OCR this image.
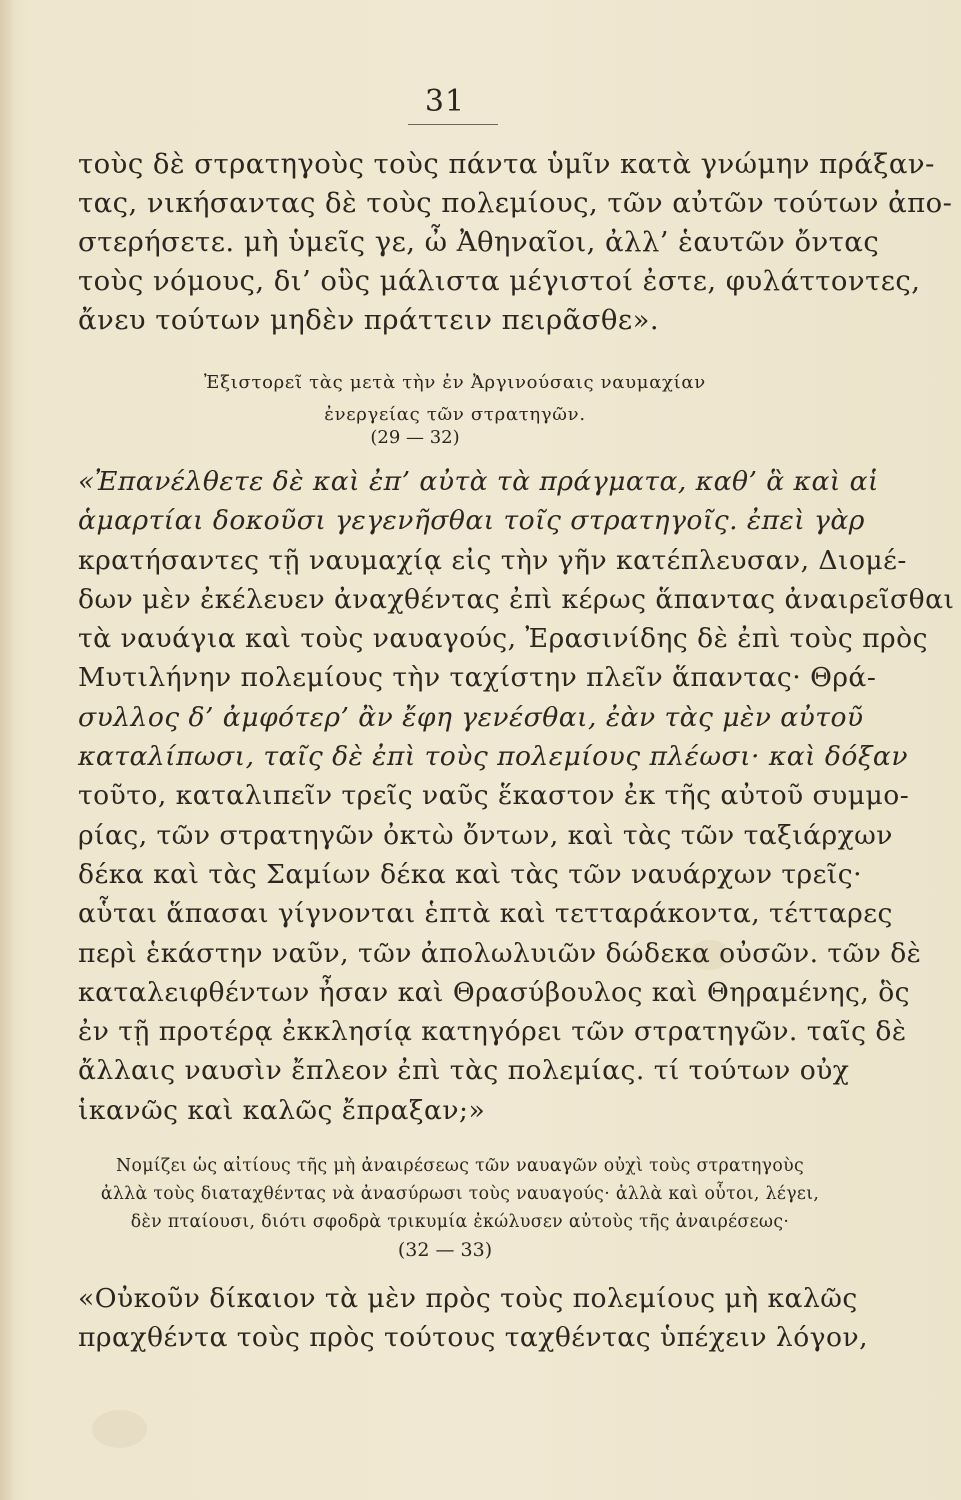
31
τοὺς δὲ στρατηγοὺς τοὺς πάντα ὑμῖν κατὰ γνώμην πράξαν-
τας, νικήσαντας δὲ τοὺς πολεμίους, τῶν αὐτῶν τούτων ἀπο-
στερήσετε. μὴ ὑμεῖς γε, ὦ Ἀθηναῖοι, ἀλλ’ ἑαυτῶν ὄντας
τοὺς νόμους, δι’ οὓς μάλιστα μέγιστοί ἐστε, φυλάττοντες,
ἄνευ τούτων μηδὲν πράττειν πειρᾶσθε».
Ἐξιστορεῖ τὰς μετὰ τὴν ἐν Ἀργινούσαις ναυμαχίαν
ἐνεργείας τῶν στρατηγῶν.
(29 — 32)
«Ἐπανέλθετε δὲ καὶ ἐπ’ αὐτὰ τὰ πράγματα, καθ’ ἃ καὶ αἱ
ἁμαρτίαι δοκοῦσι γεγενῆσθαι τοῖς στρατηγοῖς. ἐπεὶ γὰρ
κρατήσαντες τῇ ναυμαχίᾳ εἰς τὴν γῆν κατέπλευσαν, Διομέ-
δων μὲν ἐκέλευεν ἀναχθέντας ἐπὶ κέρως ἅπαντας ἀναιρεῖσθαι
τὰ ναυάγια καὶ τοὺς ναυαγούς, Ἐρασινίδης δὲ ἐπὶ τοὺς πρὸς
Μυτιλήνην πολεμίους τὴν ταχίστην πλεῖν ἅπαντας· Θρά-
συλλος δ’ ἀμφότερ’ ἂν ἔφη γενέσθαι, ἐὰν τὰς μὲν αὐτοῦ
καταλίπωσι, ταῖς δὲ ἐπὶ τοὺς πολεμίους πλέωσι· καὶ δόξαν
τοῦτο, καταλιπεῖν τρεῖς ναῦς ἕκαστον ἐκ τῆς αὐτοῦ συμμο-
ρίας, τῶν στρατηγῶν ὀκτὼ ὄντων, καὶ τὰς τῶν ταξιάρχων
δέκα καὶ τὰς Σαμίων δέκα καὶ τὰς τῶν ναυάρχων τρεῖς·
αὗται ἅπασαι γίγνονται ἑπτὰ καὶ τετταράκοντα, τέτταρες
περὶ ἑκάστην ναῦν, τῶν ἀπολωλυιῶν δώδεκα οὐσῶν. τῶν δὲ
καταλειφθέντων ἦσαν καὶ Θρασύβουλος καὶ Θηραμένης, ὃς
ἐν τῇ προτέρᾳ ἐκκλησίᾳ κατηγόρει τῶν στρατηγῶν. ταῖς δὲ
ἄλλαις ναυσὶν ἔπλεον ἐπὶ τὰς πολεμίας. τί τούτων οὐχ
ἱκανῶς καὶ καλῶς ἔπραξαν;»
Νομίζει ὡς αἰτίους τῆς μὴ ἀναιρέσεως τῶν ναυαγῶν οὐχὶ τοὺς στρατηγοὺς
ἀλλὰ τοὺς διαταχθέντας νὰ ἀνασύρωσι τοὺς ναυαγούς· ἀλλὰ καὶ οὗτοι, λέγει,
δὲν πταίουσι, διότι σφοδρὰ τρικυμία ἐκώλυσεν αὐτοὺς τῆς ἀναιρέσεως·
(32 — 33)
«Οὐκοῦν δίκαιον τὰ μὲν πρὸς τοὺς πολεμίους μὴ καλῶς
πραχθέντα τοὺς πρὸς τούτους ταχθέντας ὑπέχειν λόγον,
